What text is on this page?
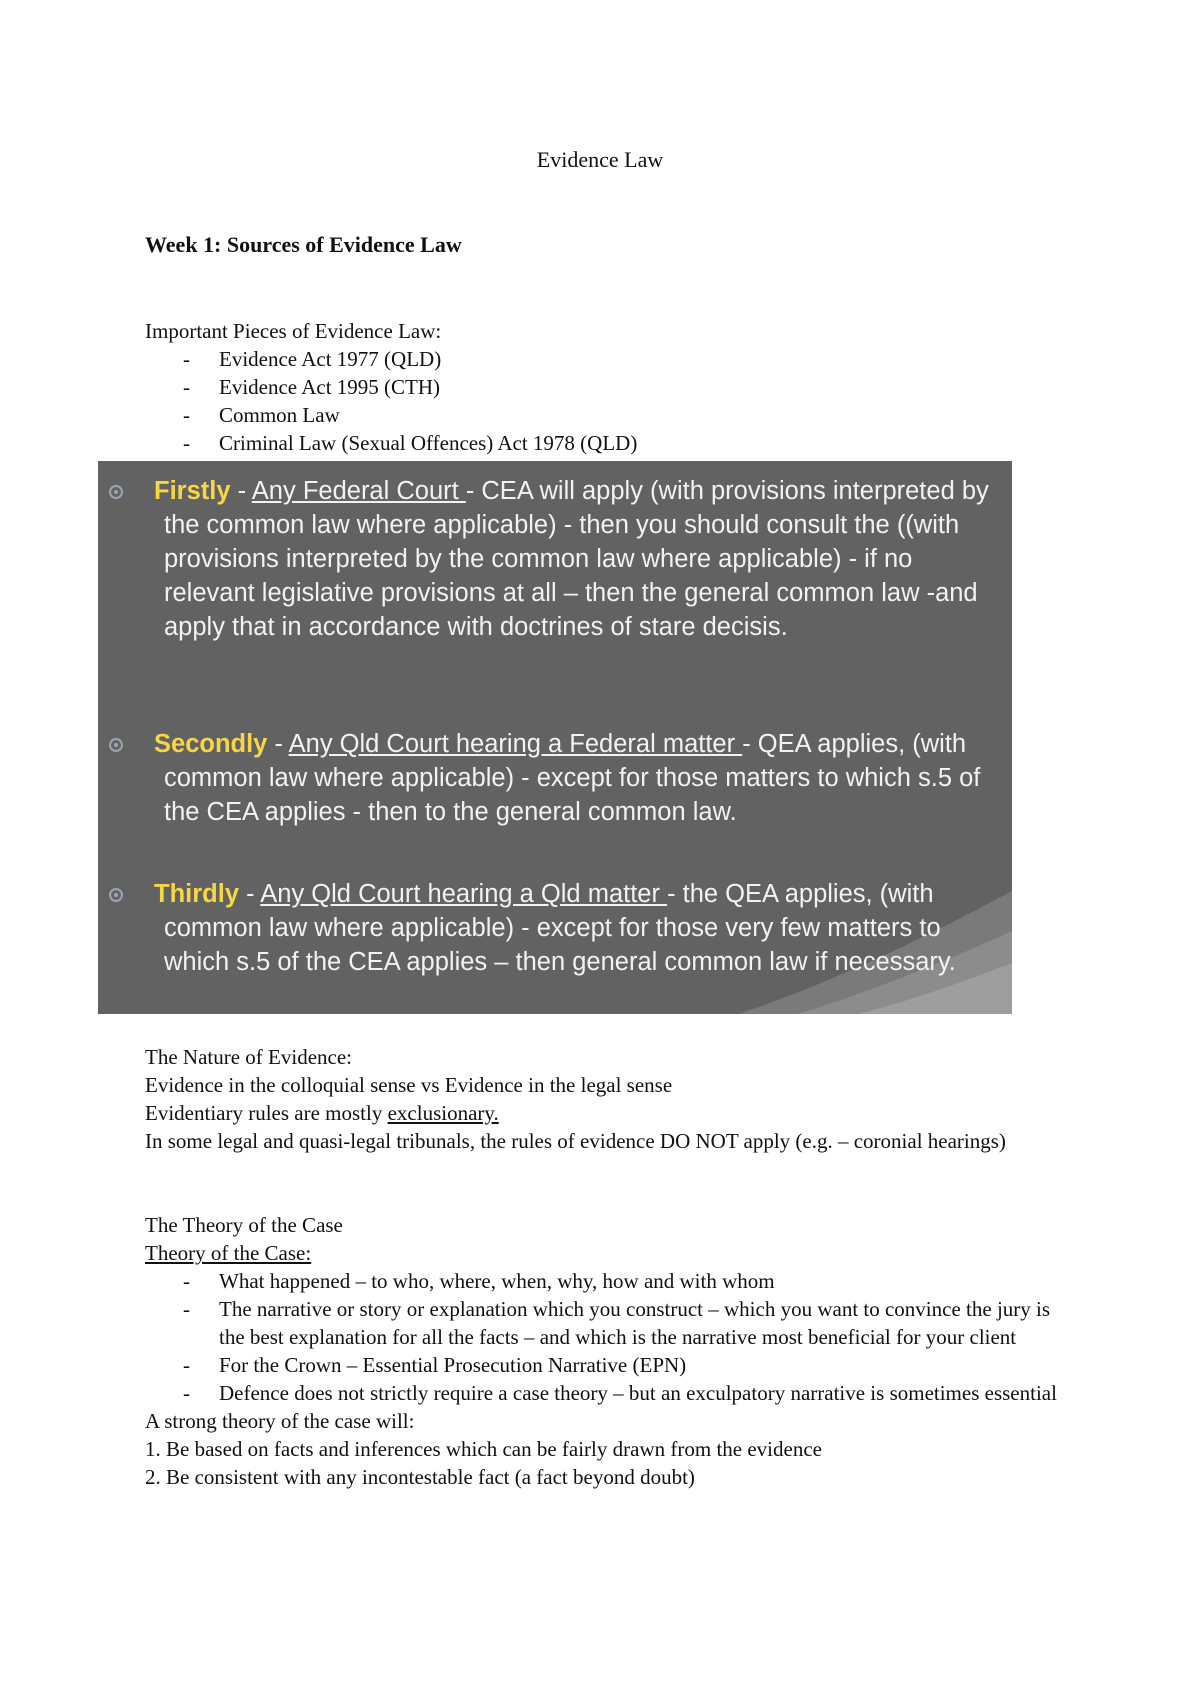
Evidence Law
Week 1: Sources of Evidence Law

Important Pieces of Evidence Law:

- Evidence Act 1977 (QLD)
- Evidence Act 1995 (CTH)
- Common Law
- Criminal Law (Sexual Offences) Act 1978 (QLD)
Firstly - Any Federal Court - CEA will apply (with provisions interpreted by the common law where applicable) - then you should consult the ((with provisions interpreted by the common law where applicable) - if no relevant legislative provisions at all – then the general common law -and apply that in accordance with doctrines of stare decisis.
Secondly - Any Qld Court hearing a Federal matter - QEA applies, (with common law where applicable) - except for those matters to which s.5 of the CEA applies - then to the general common law.
Thirdly - Any Qld Court hearing a Qld matter - the QEA applies, (with common law where applicable) - except for those very few matters to which s.5 of the CEA applies – then general common law if necessary.

The Nature of Evidence:

Evidence in the colloquial sense vs Evidence in the legal sense

Evidentiary rules are mostly exclusionary.

In some legal and quasi-legal tribunals, the rules of evidence DO NOT apply (e.g. – coronial hearings)

The Theory of the Case

Theory of the Case:

- What happened – to who, where, when, why, how and with whom
- The narrative or story or explanation which you construct – which you want to convince the jury is the best explanation for all the facts – and which is the narrative most beneficial for your client
- For the Crown – Essential Prosecution Narrative (EPN)
- Defence does not strictly require a case theory – but an exculpatory narrative is sometimes essential

A strong theory of the case will:

1. Be based on facts and inferences which can be fairly drawn from the evidence

2. Be consistent with any incontestable fact (a fact beyond doubt)
